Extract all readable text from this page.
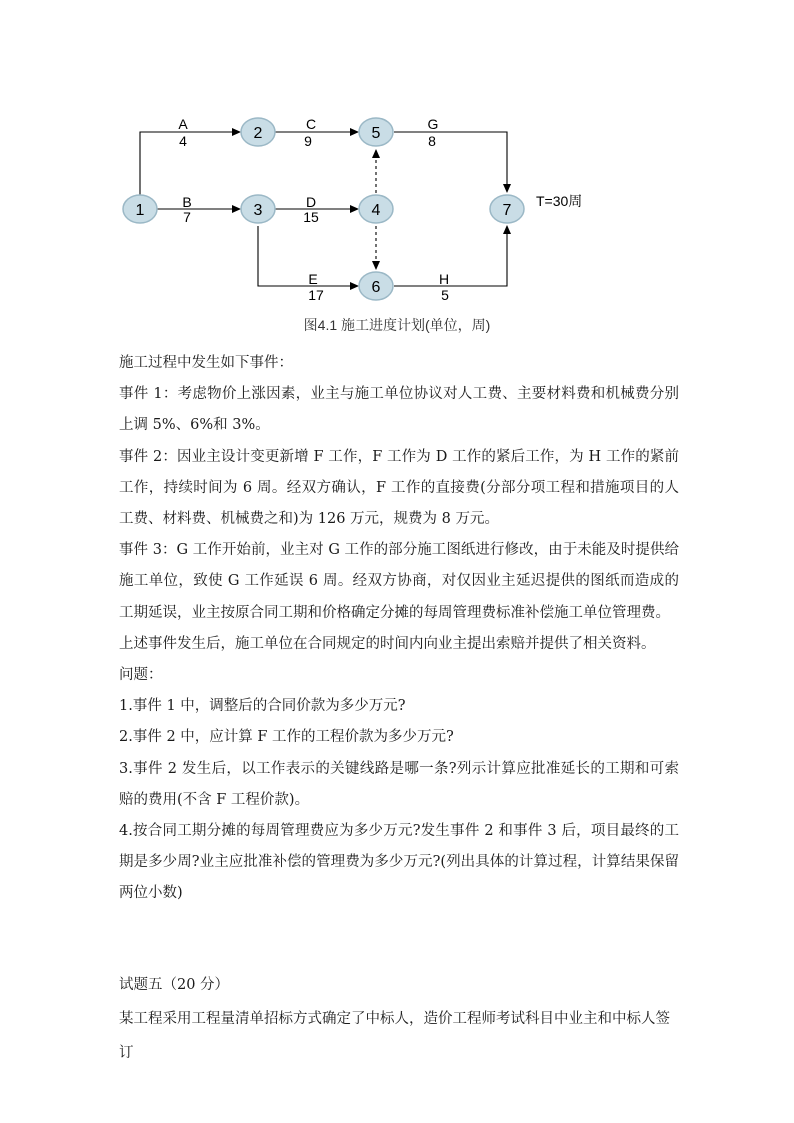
1
2
3	4
5
6
7
A
4
B
7
C
9
D
15
E
17
G
8
H
5
T=30周

图4.1 施工进度计划(单位，周)

施工过程中发生如下事件：

事件 1：考虑物价上涨因素，业主与施工单位协议对人工费、主要材料费和机械费分别上调 5%、6%和 3%。

事件 2：因业主设计变更新增 F 工作，F 工作为 D 工作的紧后工作，为 H 工作的紧前工作，持续时间为 6 周。经双方确认，F 工作的直接费(分部分项工程和措施项目的人工费、材料费、机械费之和)为 126 万元，规费为 8 万元。

事件 3：G 工作开始前，业主对 G 工作的部分施工图纸进行修改，由于未能及时提供给施工单位，致使 G 工作延误 6 周。经双方协商，对仅因业主延迟提供的图纸而造成的工期延误，业主按原合同工期和价格确定分摊的每周管理费标准补偿施工单位管理费。

上述事件发生后，施工单位在合同规定的时间内向业主提出索赔并提供了相关资料。

问题：

1.事件 1 中，调整后的合同价款为多少万元?

2.事件 2 中，应计算 F 工作的工程价款为多少万元?

3.事件 2 发生后，以工作表示的关键线路是哪一条?列示计算应批准延长的工期和可索赔的费用(不含 F 工程价款)。

4.按合同工期分摊的每周管理费应为多少万元?发生事件 2 和事件 3 后，项目最终的工期是多少周?业主应批准补偿的管理费为多少万元?(列出具体的计算过程，计算结果保留两位小数)

试题五（20 分）

某工程采用工程量清单招标方式确定了中标人，造价工程师考试科目中业主和中标人签订
